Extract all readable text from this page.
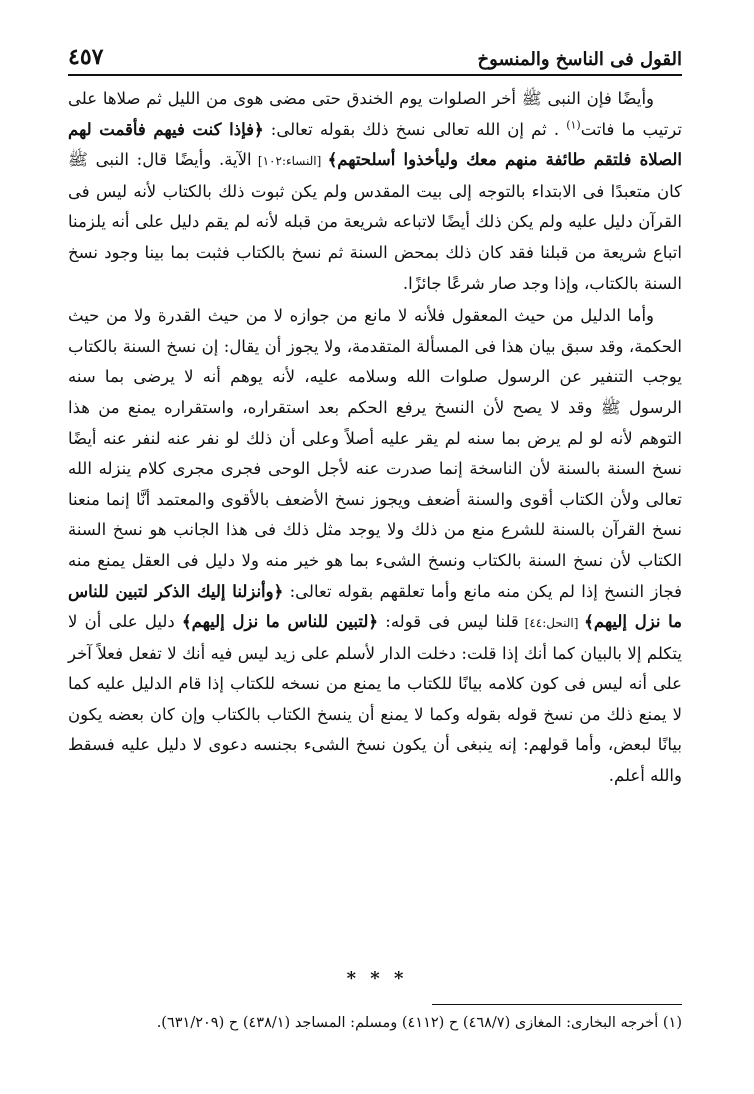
القول فى الناسخ والمنسوخ
٤٥٧

وأيضًا فإن النبى ﷺ أخر الصلوات يوم الخندق حتى مضى هوى من الليل ثم صلاها على ترتيب ما فاتت$^{(١)}$ . ثم إن الله تعالى نسخ ذلك بقوله تعالى: ﴿فإذا كنت فيهم فأقمت لهم الصلاة فلتقم طائفة منهم معك وليأخذوا أسلحتهم﴾ [النساء:١٠٢] الآية. وأيضًا قال: النبى ﷺ كان متعبدًا فى الابتداء بالتوجه إلى بيت المقدس ولم يكن ثبوت ذلك بالكتاب لأنه ليس فى القرآن دليل عليه ولم يكن ذلك أيضًا لاتباعه شريعة من قبله لأنه لم يقم دليل على أنه يلزمنا اتباع شريعة من قبلنا فقد كان ذلك بمحض السنة ثم نسخ بالكتاب فثبت بما بينا وجود نسخ السنة بالكتاب، وإذا وجد صار شرعًا جائزًا.

وأما الدليل من حيث المعقول فلأنه لا مانع من جوازه لا من حيث القدرة ولا من حيث الحكمة، وقد سبق بيان هذا فى المسألة المتقدمة، ولا يجوز أن يقال: إن نسخ السنة بالكتاب يوجب التنفير عن الرسول صلوات الله وسلامه عليه، لأنه يوهم أنه لا يرضى بما سنه الرسول ﷺ وقد لا يصح لأن النسخ يرفع الحكم بعد استقراره، واستقراره يمنع من هذا التوهم لأنه لو لم يرض بما سنه لم يقر عليه أصلاً وعلى أن ذلك لو نفر عنه لنفر عنه أيضًا نسخ السنة بالسنة لأن الناسخة إنما صدرت عنه لأجل الوحى فجرى مجرى كلام ينزله الله تعالى ولأن الكتاب أقوى والسنة أضعف ويجوز نسخ الأضعف بالأقوى والمعتمد أنَّا إنما منعنا نسخ القرآن بالسنة للشرع منع من ذلك ولا يوجد مثل ذلك فى هذا الجانب هو نسخ السنة الكتاب لأن نسخ السنة بالكتاب ونسخ الشىء بما هو خير منه ولا دليل فى العقل يمنع منه فجاز النسخ إذا لم يكن منه مانع وأما تعلقهم بقوله تعالى: ﴿وأنزلنا إليك الذكر لتبين للناس ما نزل إليهم﴾ [النحل:٤٤] قلنا ليس فى قوله: ﴿لتبين للناس ما نزل إليهم﴾ دليل على أن لا يتكلم إلا بالبيان كما أنك إذا قلت: دخلت الدار لأسلم على زيد ليس فيه أنك لا تفعل فعلاً آخر على أنه ليس فى كون كلامه بيانًا للكتاب ما يمنع من نسخه للكتاب إذا قام الدليل عليه كما لا يمنع ذلك من نسخ قوله بقوله وكما لا يمنع أن ينسخ الكتاب بالكتاب وإن كان بعضه يكون بيانًا لبعض، وأما قولهم: إنه ينبغى أن يكون نسخ الشىء بجنسه دعوى لا دليل عليه فسقط والله أعلم.

* * *
(١) أخرجه البخارى: المغازى (٤٦٨/٧) ح (٤١١٢) ومسلم: المساجد (٤٣٨/١) ح (٦٣١/٢٠٩).
